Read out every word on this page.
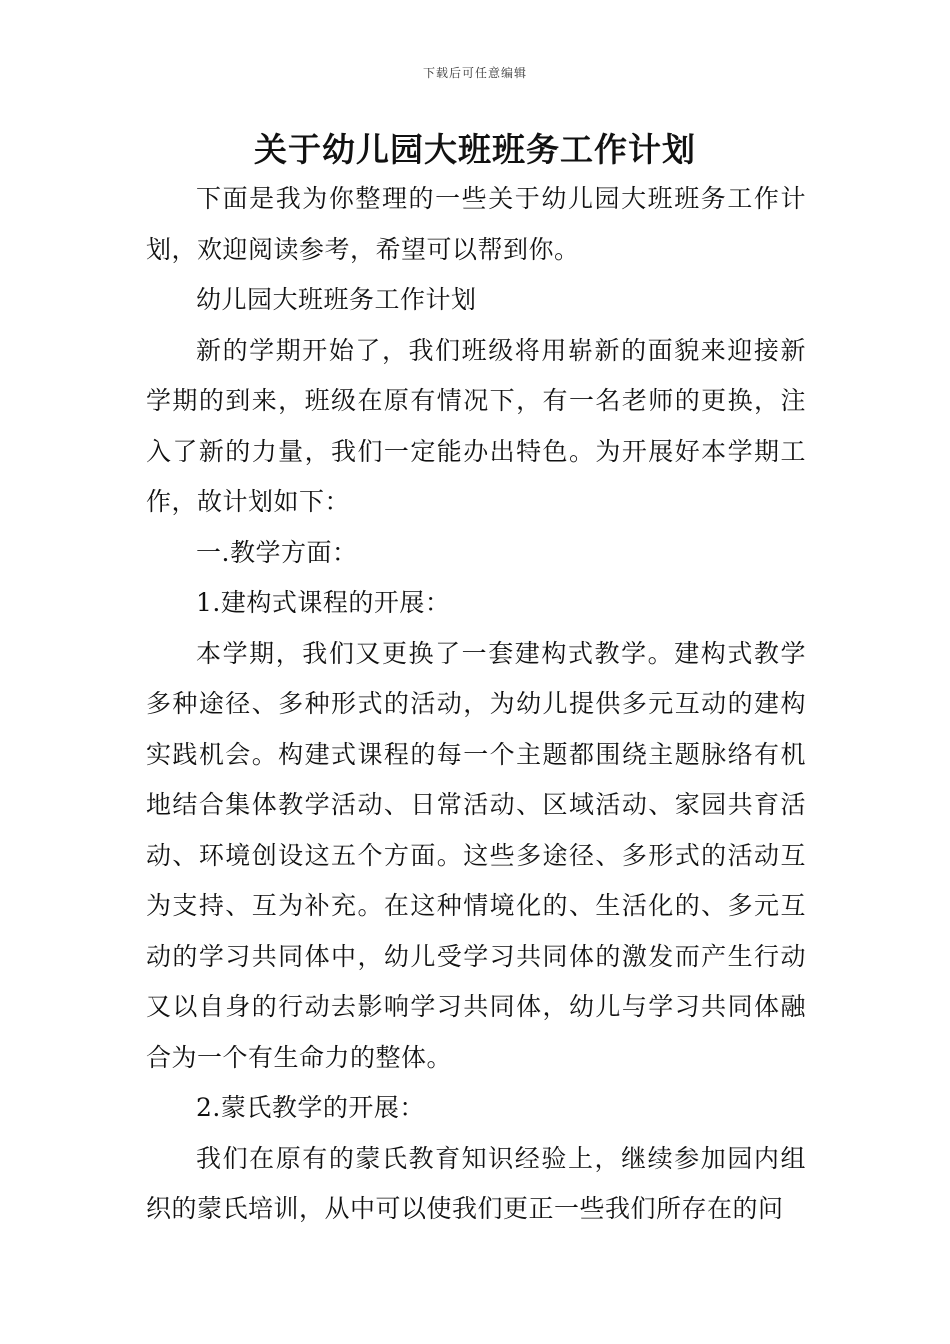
下载后可任意编辑
关于幼儿园大班班务工作计划

下面是我为你整理的一些关于幼儿园大班班务工作计划，欢迎阅读参考，希望可以帮到你。

幼儿园大班班务工作计划

新的学期开始了，我们班级将用崭新的面貌来迎接新学期的到来，班级在原有情况下，有一名老师的更换，注入了新的力量，我们一定能办出特色。为开展好本学期工作，故计划如下：

一.教学方面：

1.建构式课程的开展：

本学期，我们又更换了一套建构式教学。建构式教学多种途径、多种形式的活动，为幼儿提供多元互动的建构实践机会。构建式课程的每一个主题都围绕主题脉络有机地结合集体教学活动、日常活动、区域活动、家园共育活动、环境创设这五个方面。这些多途径、多形式的活动互为支持、互为补充。在这种情境化的、生活化的、多元互动的学习共同体中，幼儿受学习共同体的激发而产生行动又以自身的行动去影响学习共同体，幼儿与学习共同体融合为一个有生命力的整体。

2.蒙氏教学的开展：

我们在原有的蒙氏教育知识经验上，继续参加园内组织的蒙氏培训，从中可以使我们更正一些我们所存在的问
